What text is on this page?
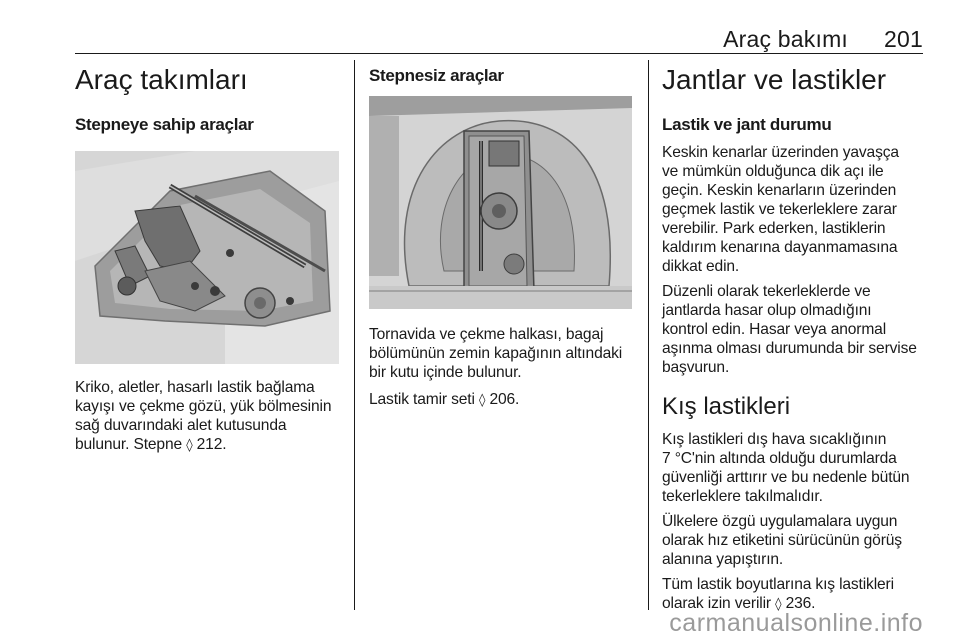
Araç bakımı 201
Araç takımları
Stepneye sahip araçlar

Kriko, aletler, hasarlı lastik bağlama
kayışı ve çekme gözü, yük bölmesinin
sağ duvarındaki alet kutusunda
bulunur. Stepne ◊ 212.

Stepnesiz araçlar

Tornavida ve çekme halkası, bagaj
bölümünün zemin kapağının altındaki
bir kutu içinde bulunur.

Lastik tamir seti ◊ 206.

Jantlar ve lastikler
Lastik ve jant durumu

Keskin kenarlar üzerinden yavaşça
ve mümkün olduğunca dik açı ile
geçin. Keskin kenarların üzerinden
geçmek lastik ve tekerleklere zarar
verebilir. Park ederken, lastiklerin
kaldırım kenarına dayanmamasına
dikkat edin.

Düzenli olarak tekerleklerde ve
jantlarda hasar olup olmadığını
kontrol edin. Hasar veya anormal
aşınma olması durumunda bir servise
başvurun.

Kış lastikleri

Kış lastikleri dış hava sıcaklığının
7 °C'nin altında olduğu durumlarda
güvenliği arttırır ve bu nedenle bütün
tekerleklere takılmalıdır.

Ülkelere özgü uygulamalara uygun
olarak hız etiketini sürücünün görüş
alanına yapıştırın.

Tüm lastik boyutlarına kış lastikleri
olarak izin verilir ◊ 236.

carmanualsonline.info
